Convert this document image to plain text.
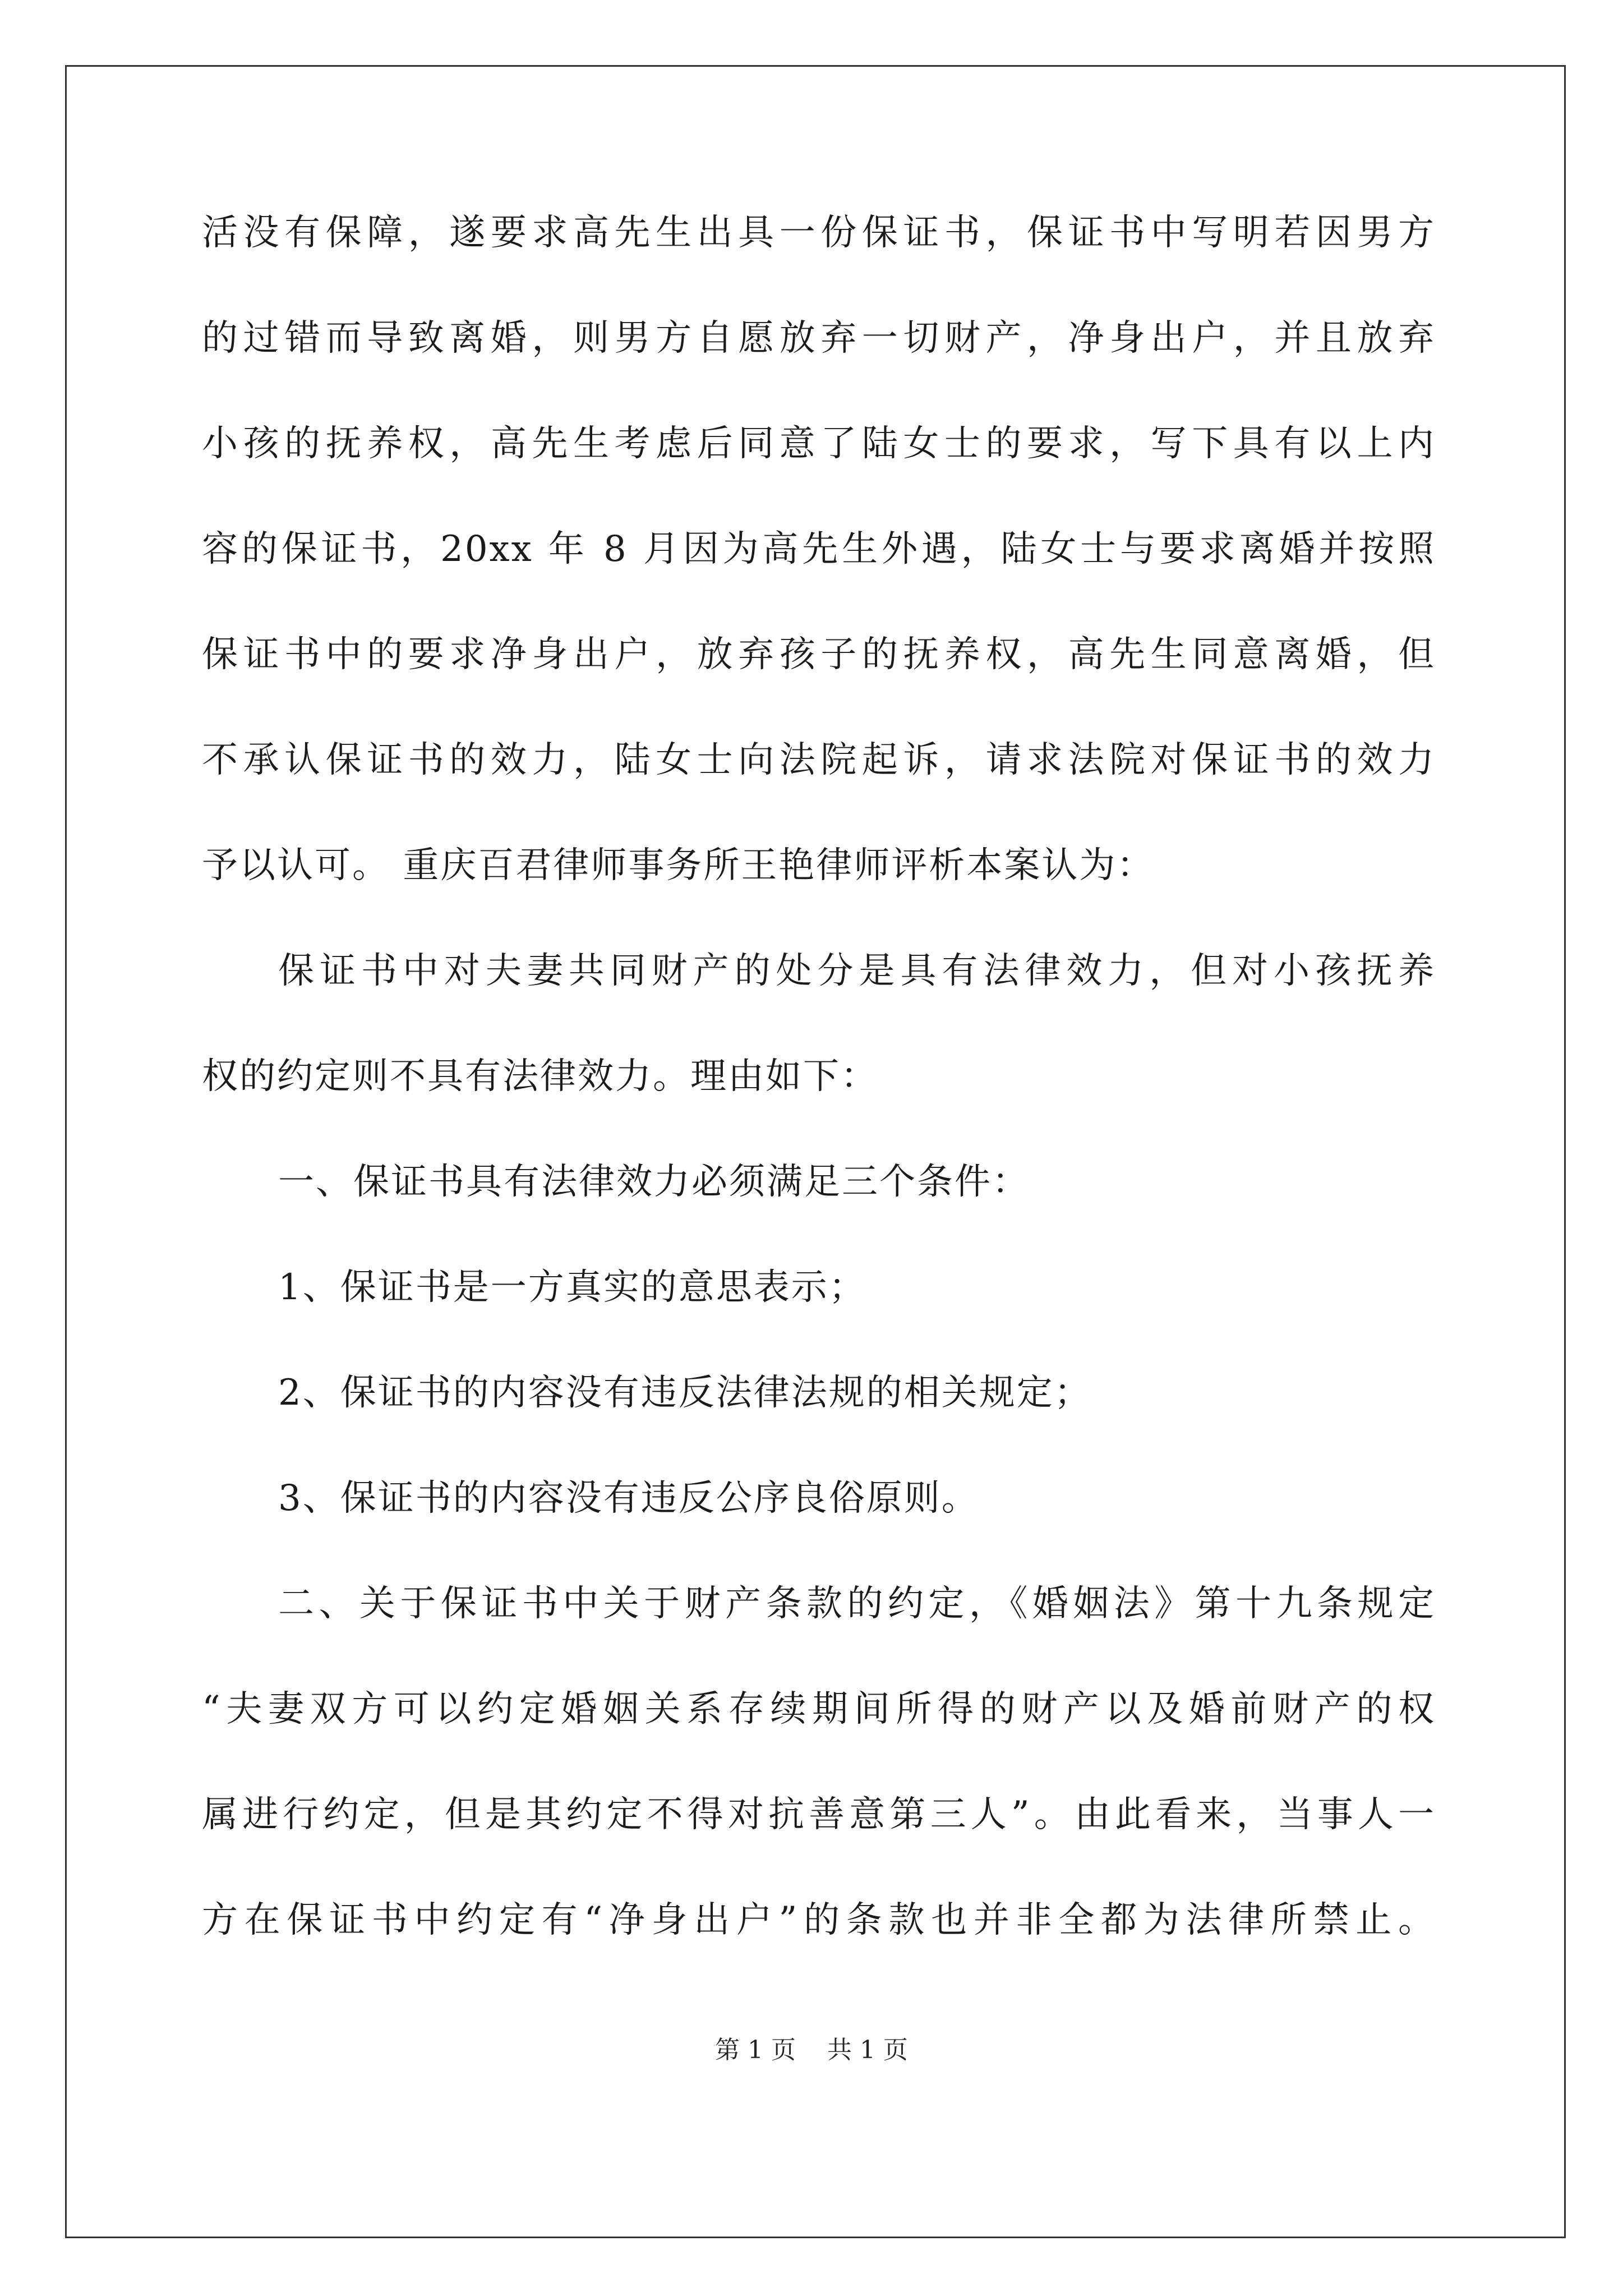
活没有保障，遂要求高先生出具一份保证书，保证书中写明若因男方
的过错而导致离婚，则男方自愿放弃一切财产，净身出户，并且放弃
小孩的抚养权，高先生考虑后同意了陆女士的要求，写下具有以上内
容的保证书，20xx 年 8 月因为高先生外遇，陆女士与要求离婚并按照
保证书中的要求净身出户，放弃孩子的抚养权，高先生同意离婚，但
不承认保证书的效力，陆女士向法院起诉，请求法院对保证书的效力
予以认可。 重庆百君律师事务所王艳律师评析本案认为：
保证书中对夫妻共同财产的处分是具有法律效力，但对小孩抚养
权的约定则不具有法律效力。理由如下：
一、保证书具有法律效力必须满足三个条件：
1、保证书是一方真实的意思表示；
2、保证书的内容没有违反法律法规的相关规定；
3、保证书的内容没有违反公序良俗原则。
二、关于保证书中关于财产条款的约定，《婚姻法》第十九条规定
“夫妻双方可以约定婚姻关系存续期间所得的财产以及婚前财产的权
属进行约定，但是其约定不得对抗善意第三人”。由此看来，当事人一
方在保证书中约定有“净身出户”的条款也并非全都为法律所禁止。
第 1 页    共 1 页
